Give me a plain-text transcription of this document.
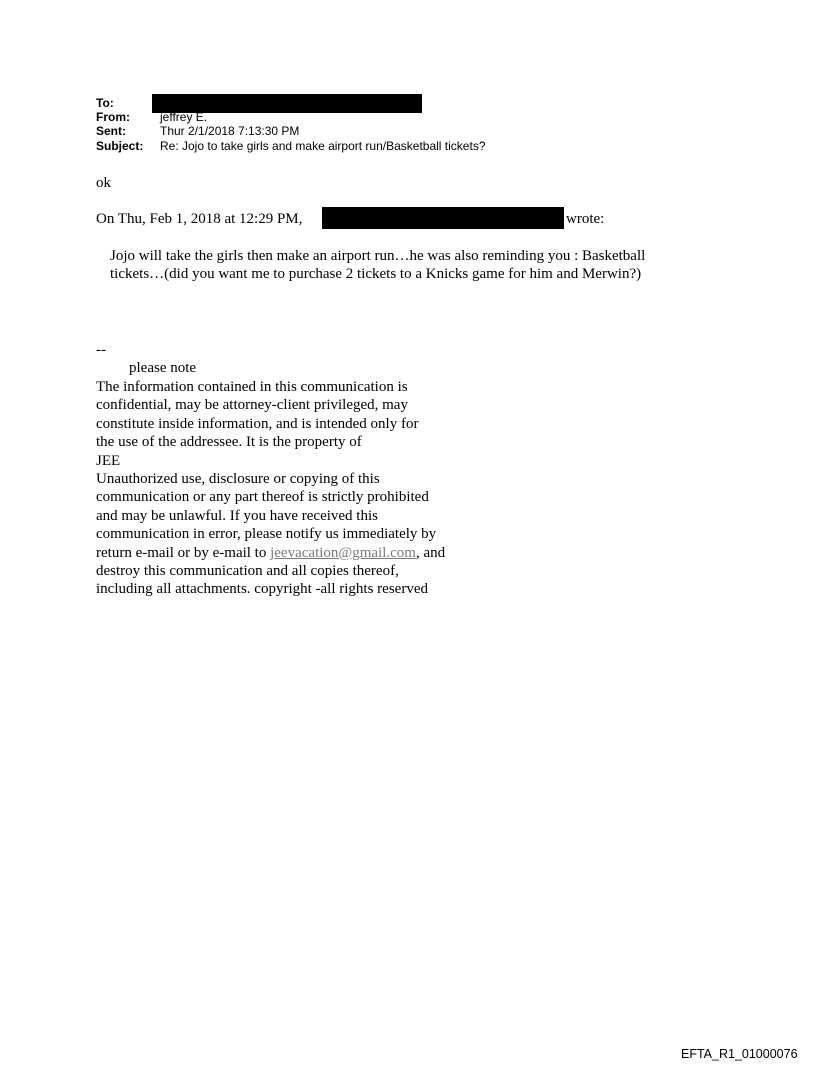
To:
From:	jeffrey E.
Sent:	Thur 2/1/2018 7:13:30 PM
Subject: Re: Jojo to take girls and make airport run/Basketball tickets?
ok
On Thu, Feb 1, 2018 at 12:29 PM,	wrote:
Jojo will take the girls then make an airport run…he was also reminding you : Basketball
tickets…(did you want me to purchase 2 tickets to a Knicks game for him and Merwin?)
--
please note
The information contained in this communication is
confidential, may be attorney-client privileged, may
constitute inside information, and is intended only for
the use of the addressee. It is the property of
JEE
Unauthorized use, disclosure or copying of this
communication or any part thereof is strictly prohibited
and may be unlawful. If you have received this
communication in error, please notify us immediately by
return e-mail or by e-mail to jeevacation@gmail.com, and
destroy this communication and all copies thereof,
including all attachments. copyright -all rights reserved
EFTA_R1_01000076
